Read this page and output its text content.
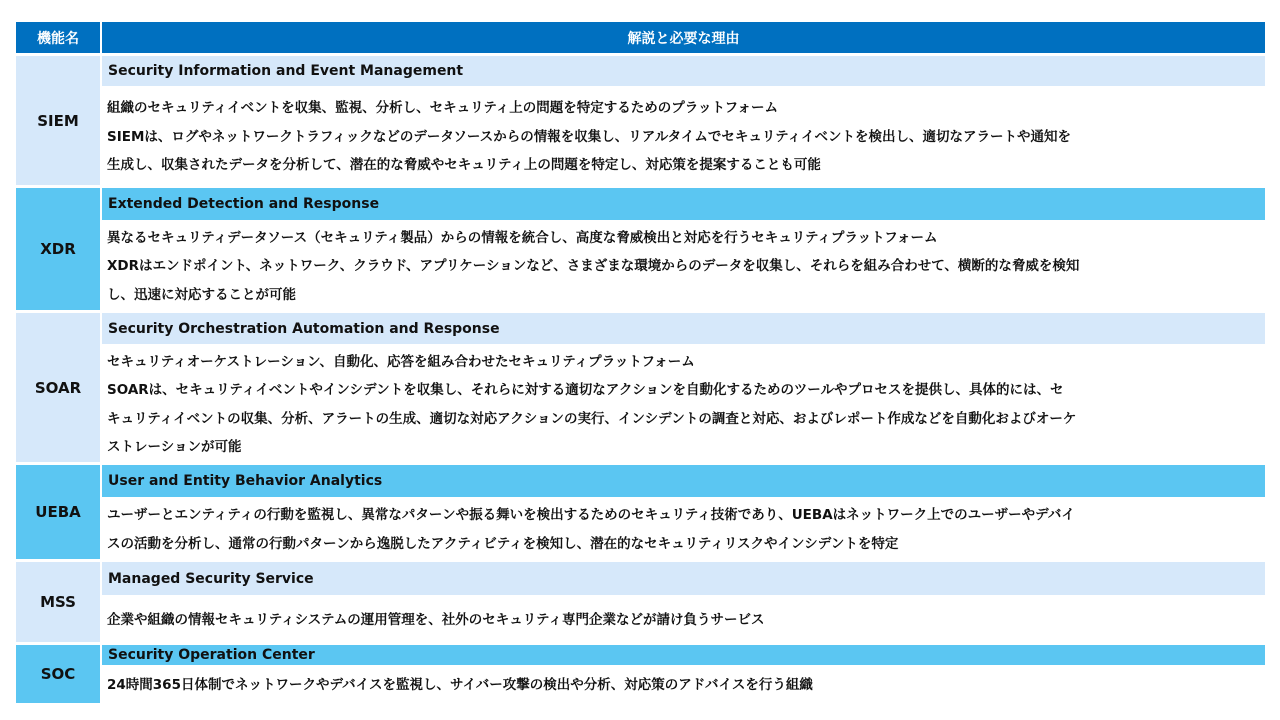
機能名	解説と必要な理由
SIEM	Security Information and Event Management

	組織のセキュリティイベントを収集、監視、分析し、セキュリティ上の問題を特定するためのプラットフォーム
SIEMは、ログやネットワークトラフィックなどのデータソースからの情報を収集し、リアルタイムでセキュリティイベントを検出し、適切なアラートや通知を
生成し、収集されたデータを分析して、潜在的な脅威やセキュリティ上の問題を特定し、対応策を提案することも可能

XDR	Extended Detection and Response

	異なるセキュリティデータソース（セキュリティ製品）からの情報を統合し、高度な脅威検出と対応を行うセキュリティプラットフォーム
XDRはエンドポイント、ネットワーク、クラウド、アプリケーションなど、さまざまな環境からのデータを収集し、それらを組み合わせて、横断的な脅威を検知
し、迅速に対応することが可能

SOAR	Security Orchestration Automation and Response

	セキュリティオーケストレーション、自動化、応答を組み合わせたセキュリティプラットフォーム
SOARは、セキュリティイベントやインシデントを収集し、それらに対する適切なアクションを自動化するためのツールやプロセスを提供し、具体的には、セ
キュリティイベントの収集、分析、アラートの生成、適切な対応アクションの実行、インシデントの調査と対応、およびレポート作成などを自動化およびオーケ
ストレーションが可能

UEBA	User and Entity Behavior Analytics

	ユーザーとエンティティの行動を監視し、異常なパターンや振る舞いを検出するためのセキュリティ技術であり、UEBAはネットワーク上でのユーザーやデバイ
スの活動を分析し、通常の行動パターンから逸脱したアクティビティを検知し、潜在的なセキュリティリスクやインシデントを特定

MSS	Managed Security Service

	企業や組織の情報セキュリティシステムの運用管理を、社外のセキュリティ専門企業などが請け負うサービス

SOC	Security Operation Center

	24時間365日体制でネットワークやデバイスを監視し、サイバー攻撃の検出や分析、対応策のアドバイスを行う組織
